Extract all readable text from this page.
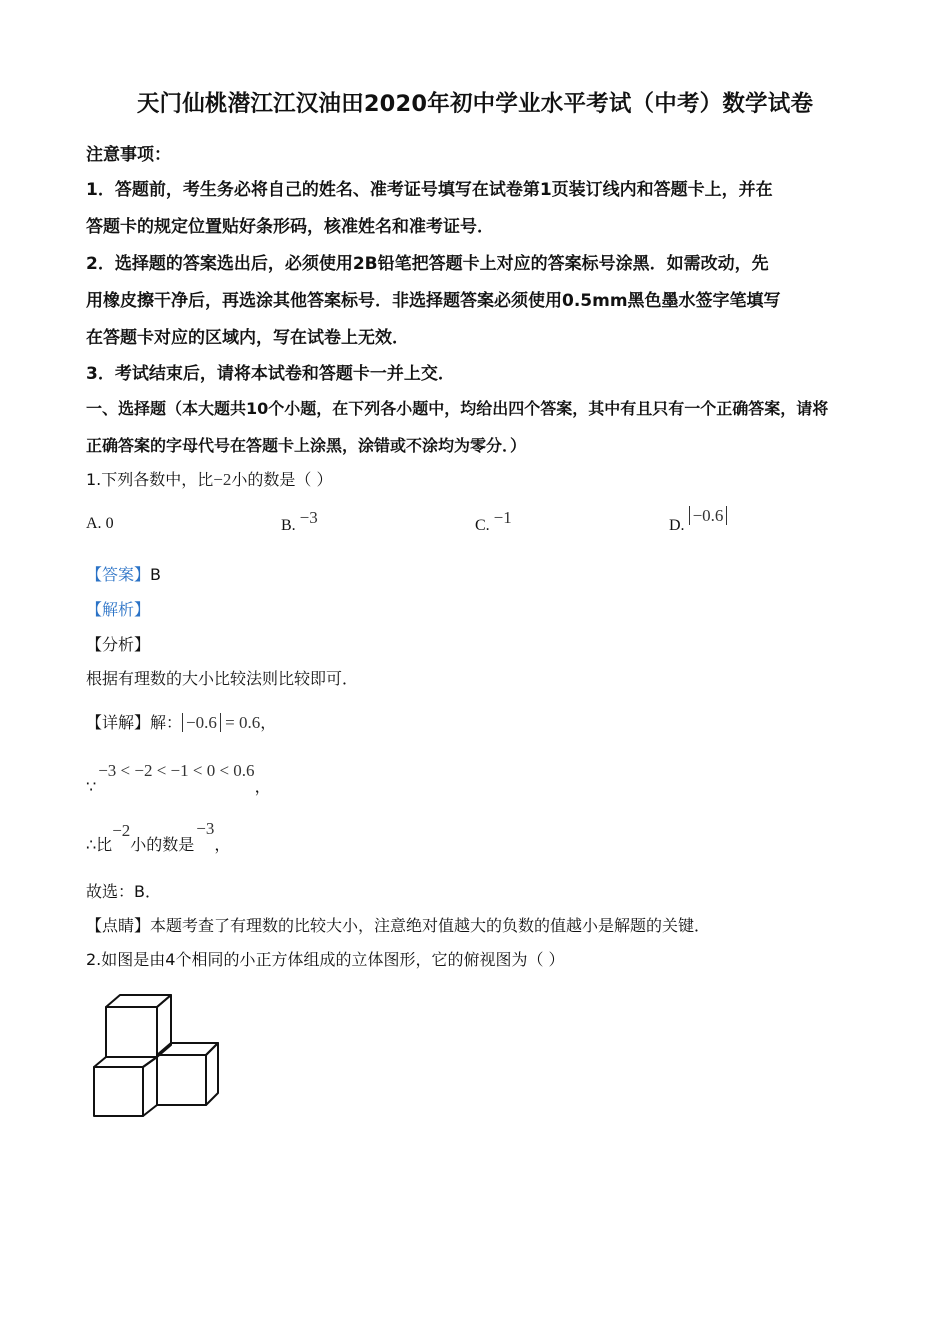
天门仙桃潜江江汉油田2020年初中学业水平考试（中考）数学试卷
注意事项：
1．答题前，考生务必将自己的姓名、准考证号填写在试卷第1页装订线内和答题卡上，并在
答题卡的规定位置贴好条形码，核准姓名和准考证号．
2．选择题的答案选出后，必须使用2B铅笔把答题卡上对应的答案标号涂黑．如需改动，先
用橡皮擦干净后，再选涂其他答案标号．非选择题答案必须使用0.5mm黑色墨水签字笔填写
在答题卡对应的区域内，写在试卷上无效．
3．考试结束后，请将本试卷和答题卡一并上交．
一、选择题（本大题共10个小题，在下列各小题中，均给出四个答案，其中有且只有一个正确答案，请将
正确答案的字母代号在答题卡上涂黑，涂错或不涂均为零分．）
1.下列各数中，比−2小的数是（ ）
A. 0	B. −3	C. −1	D. −0.6
【答案】B
【解析】
【分析】
根据有理数的大小比较法则比较即可．
【详解】解： −0.6 = 0.6，
∵−3 < −2 < −1 < 0 < 0.6，
∴比−2小的数是−3，
故选：B．
【点睛】本题考查了有理数的比较大小，注意绝对值越大的负数的值越小是解题的关键．
2.如图是由4个相同的小正方体组成的立体图形，它的俯视图为（ ）
